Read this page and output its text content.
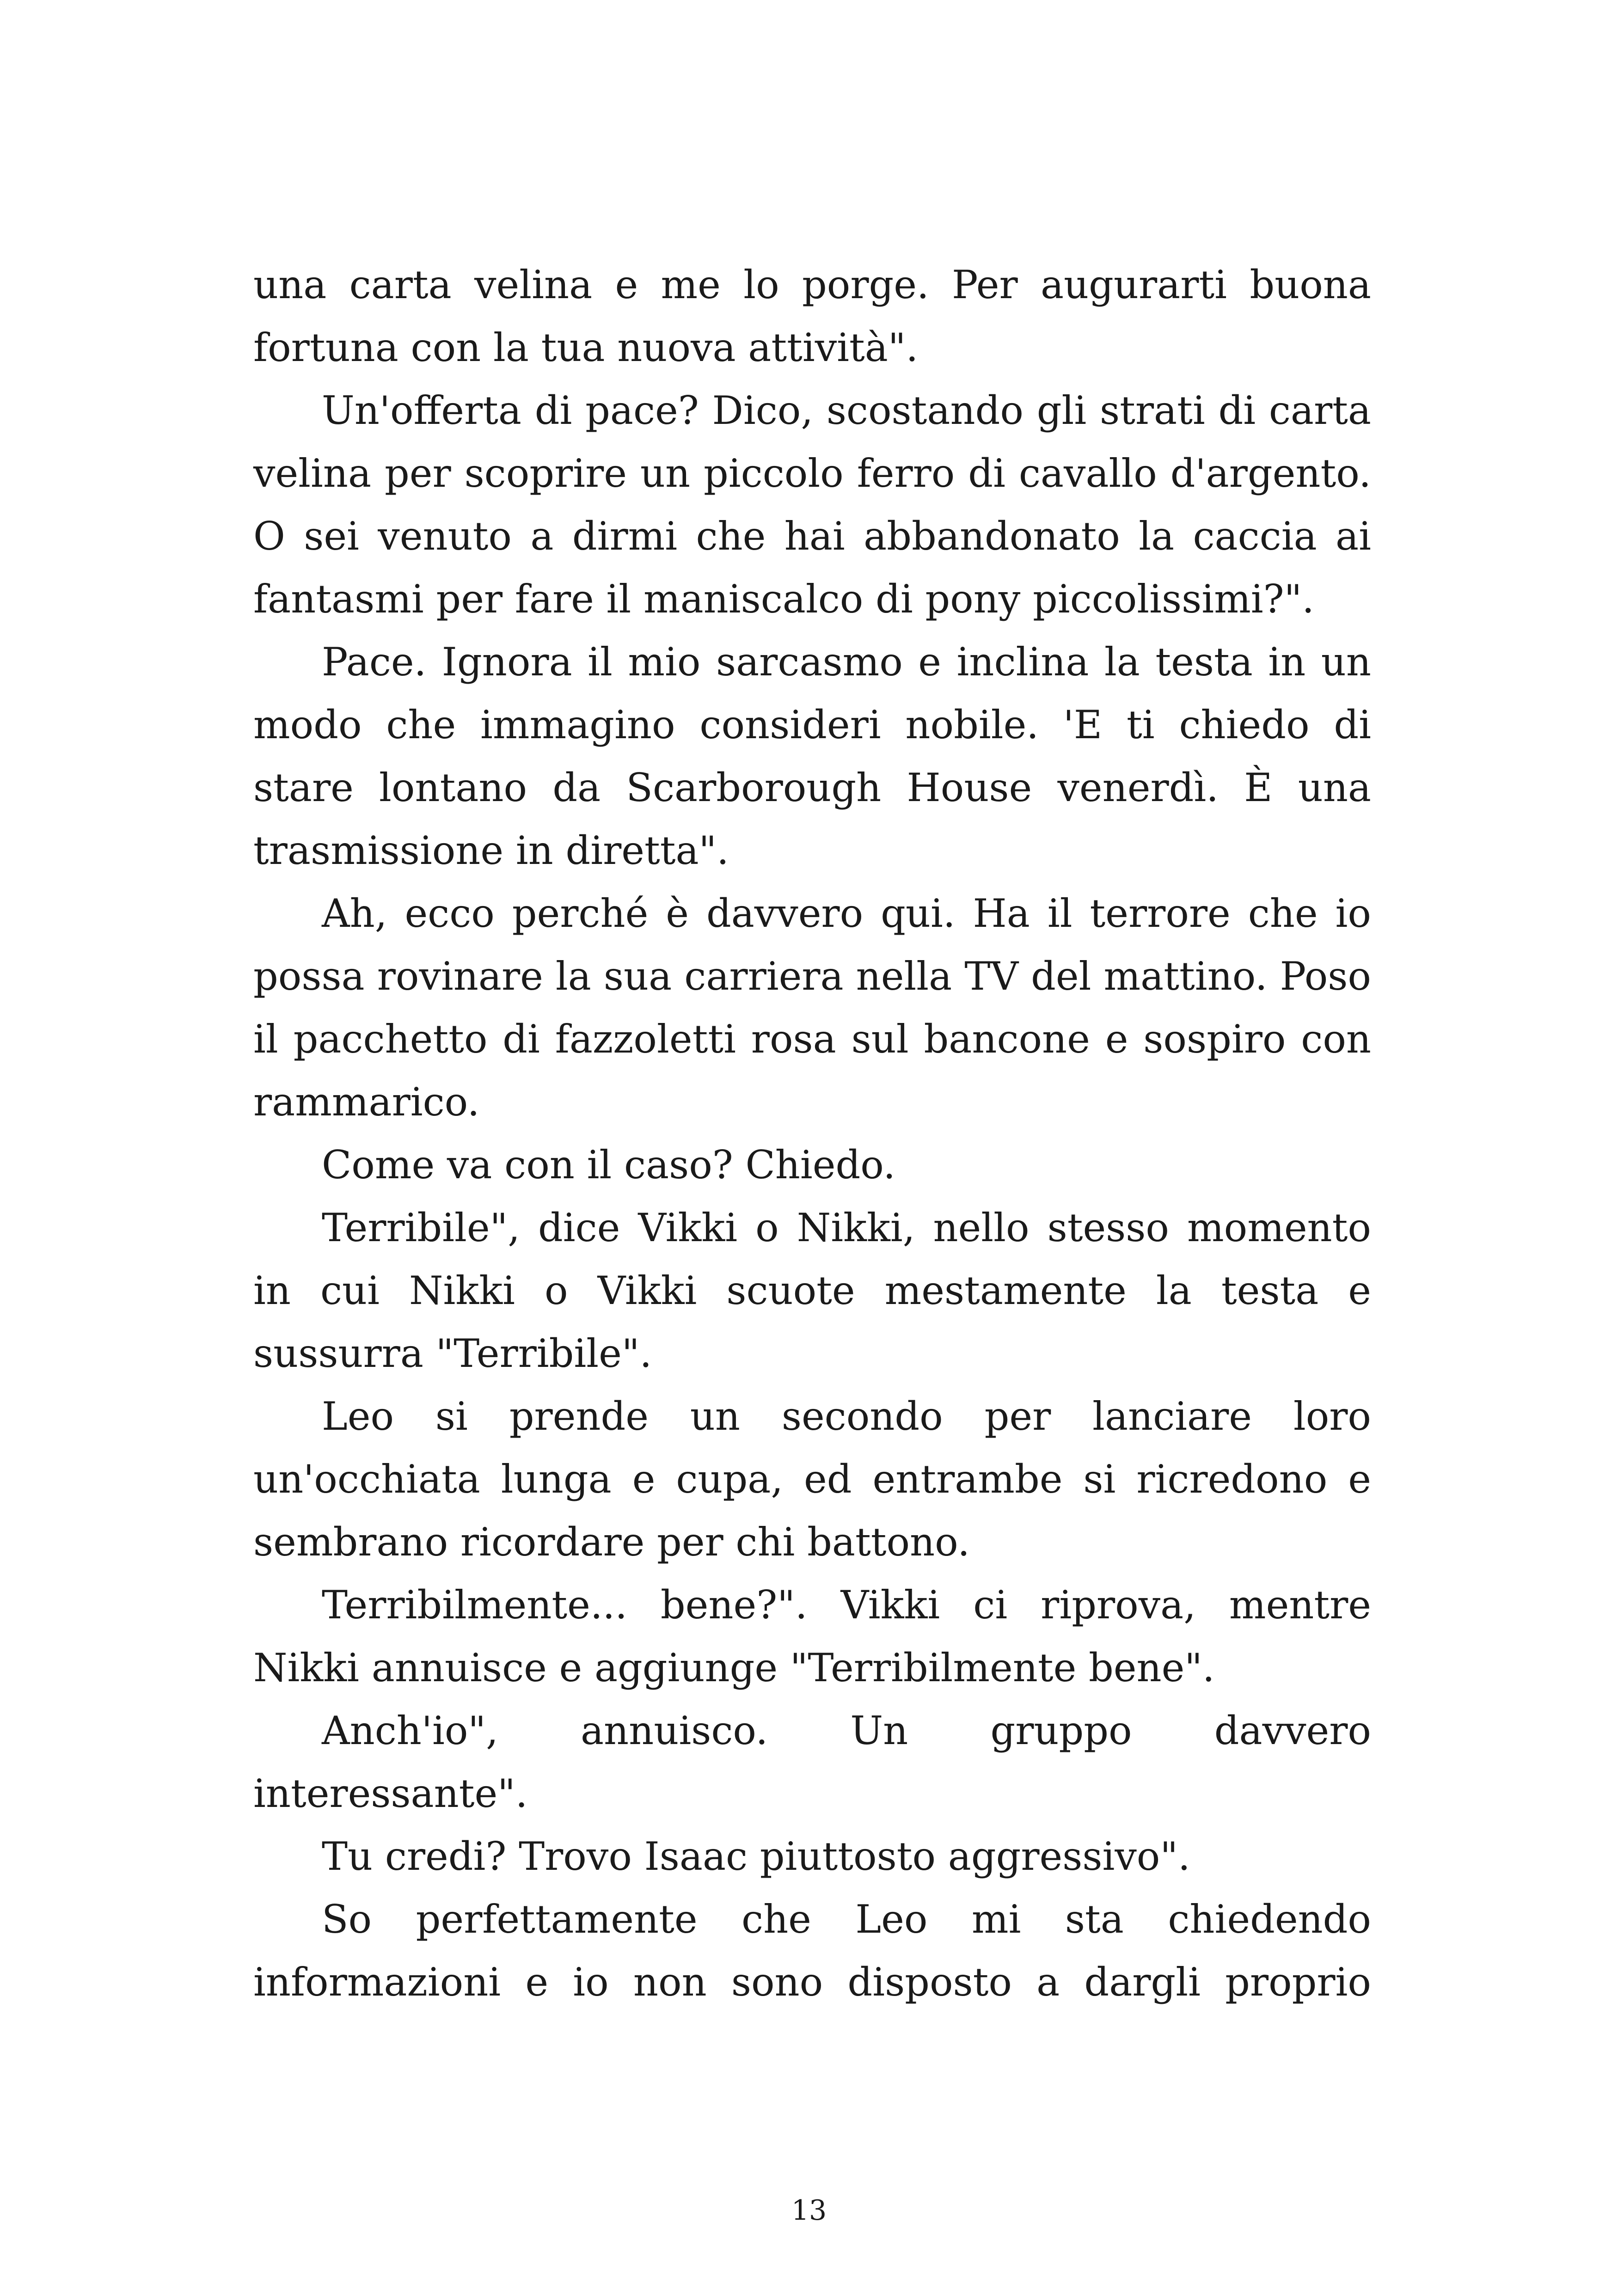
una carta velina e me lo porge. Per augurarti buona fortuna con la tua nuova attività".

Un'offerta di pace? Dico, scostando gli strati di carta velina per scoprire un piccolo ferro di cavallo d'argento. O sei venuto a dirmi che hai abbandonato la caccia ai fantasmi per fare il maniscalco di pony piccolissimi?".

Pace. Ignora il mio sarcasmo e inclina la testa in un modo che immagino consideri nobile. 'E ti chiedo di stare lontano da Scarborough House venerdì. È una trasmissione in diretta".

Ah, ecco perché è davvero qui. Ha il terrore che io possa rovinare la sua carriera nella TV del mattino. Poso il pacchetto di fazzoletti rosa sul bancone e sospiro con rammarico.

Come va con il caso? Chiedo.

Terribile", dice Vikki o Nikki, nello stesso momento in cui Nikki o Vikki scuote mestamente la testa e sussurra "Terribile".

Leo si prende un secondo per lanciare loro un'occhiata lunga e cupa, ed entrambe si ricredono e sembrano ricordare per chi battono.

Terribilmente... bene?". Vikki ci riprova, mentre Nikki annuisce e aggiunge "Terribilmente bene".

Anch'io", annuisco. Un gruppo davvero interessante".

Tu credi? Trovo Isaac piuttosto aggressivo".

So perfettamente che Leo mi sta chiedendo informazioni e io non sono disposto a dargli proprio

13
